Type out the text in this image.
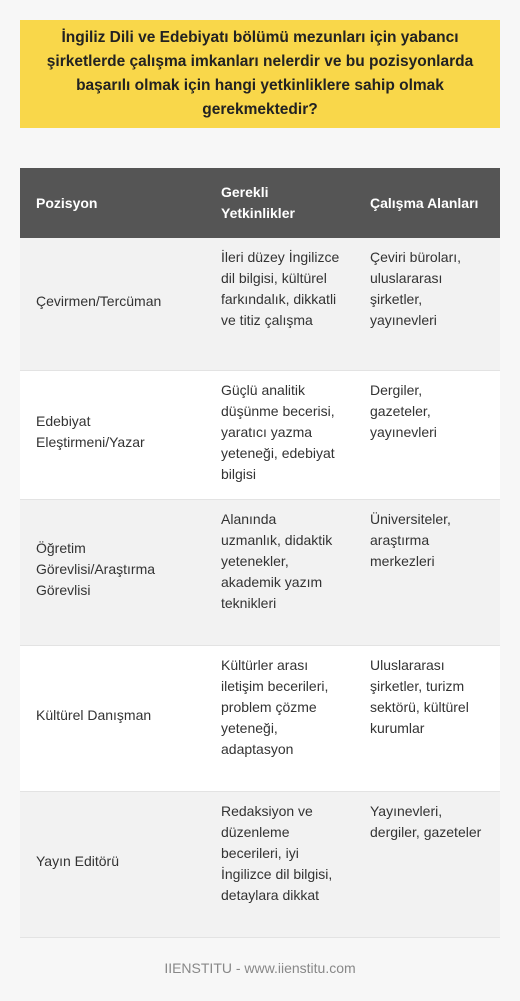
İngiliz Dili ve Edebiyatı bölümü mezunları için yabancı şirketlerde çalışma imkanları nelerdir ve bu pozisyonlarda başarılı olmak için hangi yetkinliklere sahip olmak gerekmektedir?
Pozisyon	Gerekli Yetkinlikler	Çalışma Alanları
Çevirmen/Tercüman	İleri düzey İngilizce dil bilgisi, kültürel farkındalık, dikkatli ve titiz çalışma	Çeviri büroları, uluslararası şirketler, yayınevleri
Edebiyat Eleştirmeni/Yazar	Güçlü analitik düşünme becerisi, yaratıcı yazma yeteneği, edebiyat bilgisi	Dergiler, gazeteler, yayınevleri
Öğretim Görevlisi/Araştırma Görevlisi	Alanında uzmanlık, didaktik yetenekler, akademik yazım teknikleri	Üniversiteler, araştırma merkezleri
Kültürel Danışman	Kültürler arası iletişim becerileri, problem çözme yeteneği, adaptasyon	Uluslararası şirketler, turizm sektörü, kültürel kurumlar
Yayın Editörü	Redaksiyon ve düzenleme becerileri, iyi İngilizce dil bilgisi, detaylara dikkat	Yayınevleri, dergiler, gazeteler
IIENSTITU - www.iienstitu.com
